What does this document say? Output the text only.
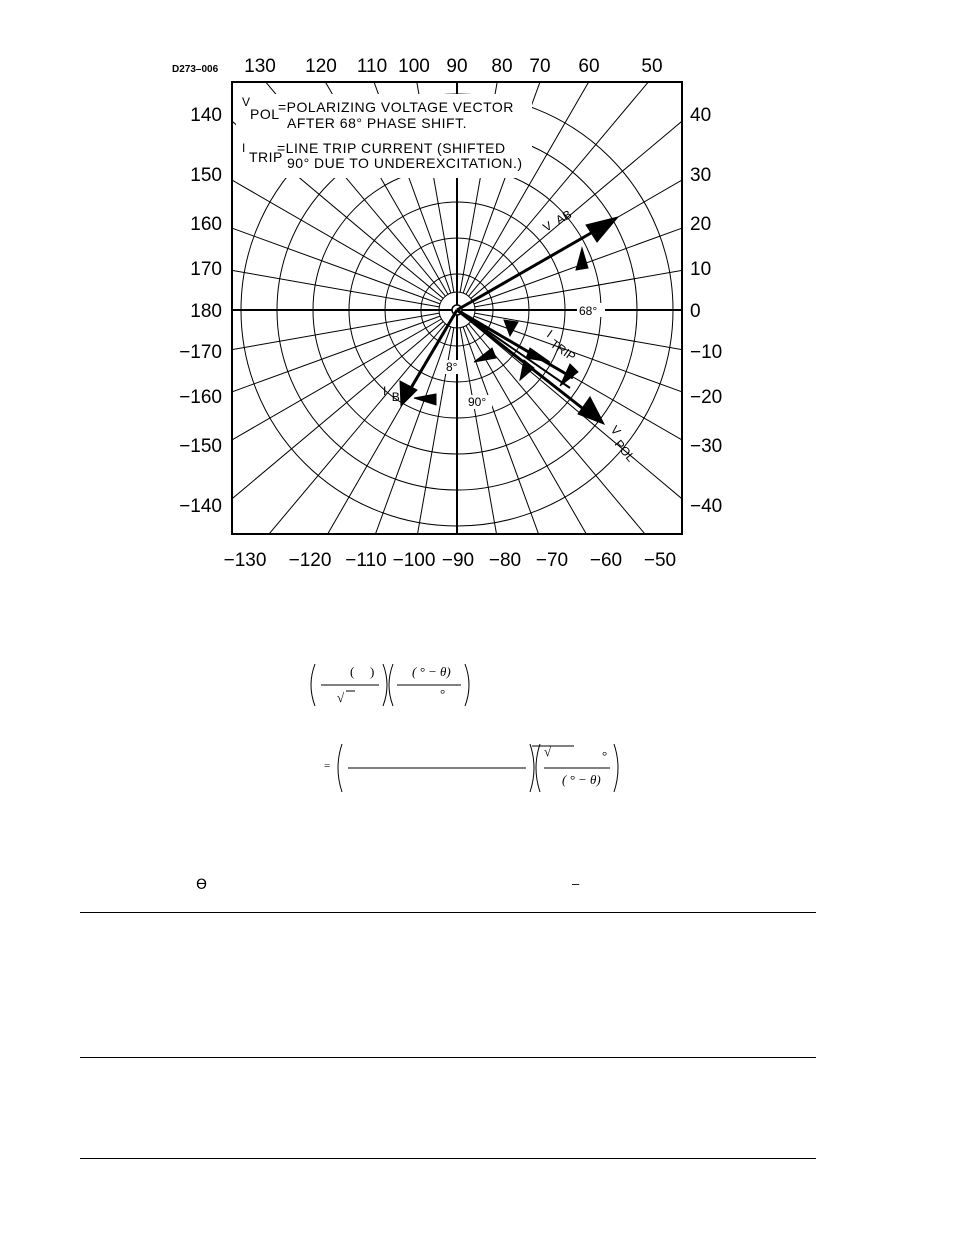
D273–006 130 120 110 100 90 80 70 60 50
−130 −120 −110 −100 −90 −80 −70 −60 −50
140
150
160
170
180
−170
−160
−150
−140
40
30
20
10
0
−10
−20
−30
−40
V
POL
=POLARIZING VOLTAGE VECTOR
AFTER 68° PHASE SHIFT.
I
TRIP
=LINE TRIP CURRENT (SHIFTED
90° DUE TO UNDEREXCITATION.)
V AB
I TRIP
V POL
I B
68°
8°
90°
( )
√
( ° − θ)
°
=
√	°
( ° − θ)
ϴ	–
